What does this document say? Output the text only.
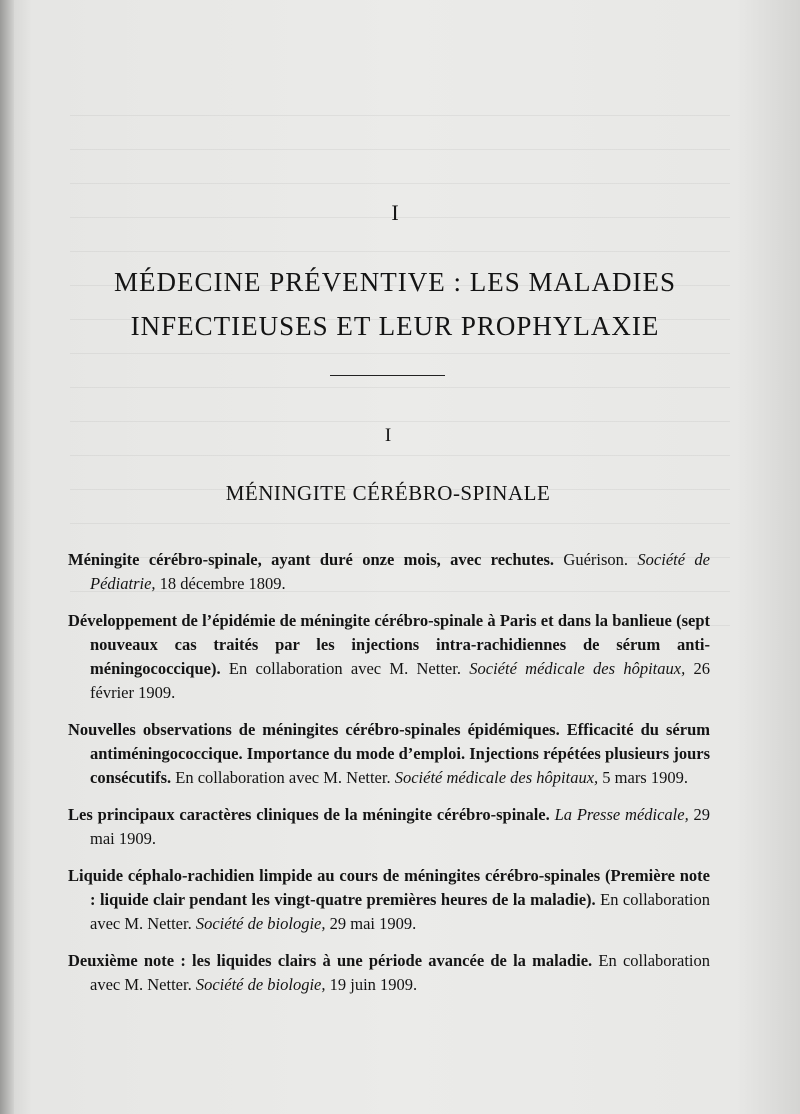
I
MÉDECINE PRÉVENTIVE : LES MALADIES INFECTIEUSES ET LEUR PROPHYLAXIE
I
MÉNINGITE CÉRÉBRO-SPINALE

Méningite cérébro-spinale, ayant duré onze mois, avec rechutes. Guérison. Société de Pédiatrie, 18 décembre 1809.

Développement de l’épidémie de méningite cérébro-spinale à Paris et dans la banlieue (sept nouveaux cas traités par les injections intra-rachidiennes de sérum anti-méningococcique). En collaboration avec M. Netter. Société médicale des hôpitaux, 26 février 1909.

Nouvelles observations de méningites cérébro-spinales épidémiques. Efficacité du sérum antiméningococcique. Importance du mode d’emploi. Injections répétées plusieurs jours consécutifs. En collaboration avec M. Netter. Société médicale des hôpitaux, 5 mars 1909.

Les principaux caractères cliniques de la méningite cérébro-spinale. La Presse médicale, 29 mai 1909.

Liquide céphalo-rachidien limpide au cours de méningites cérébro-spinales (Première note : liquide clair pendant les vingt-quatre premières heures de la maladie). En collaboration avec M. Netter. Société de biologie, 29 mai 1909.

Deuxième note : les liquides clairs à une période avancée de la maladie. En collaboration avec M. Netter. Société de biologie, 19 juin 1909.
